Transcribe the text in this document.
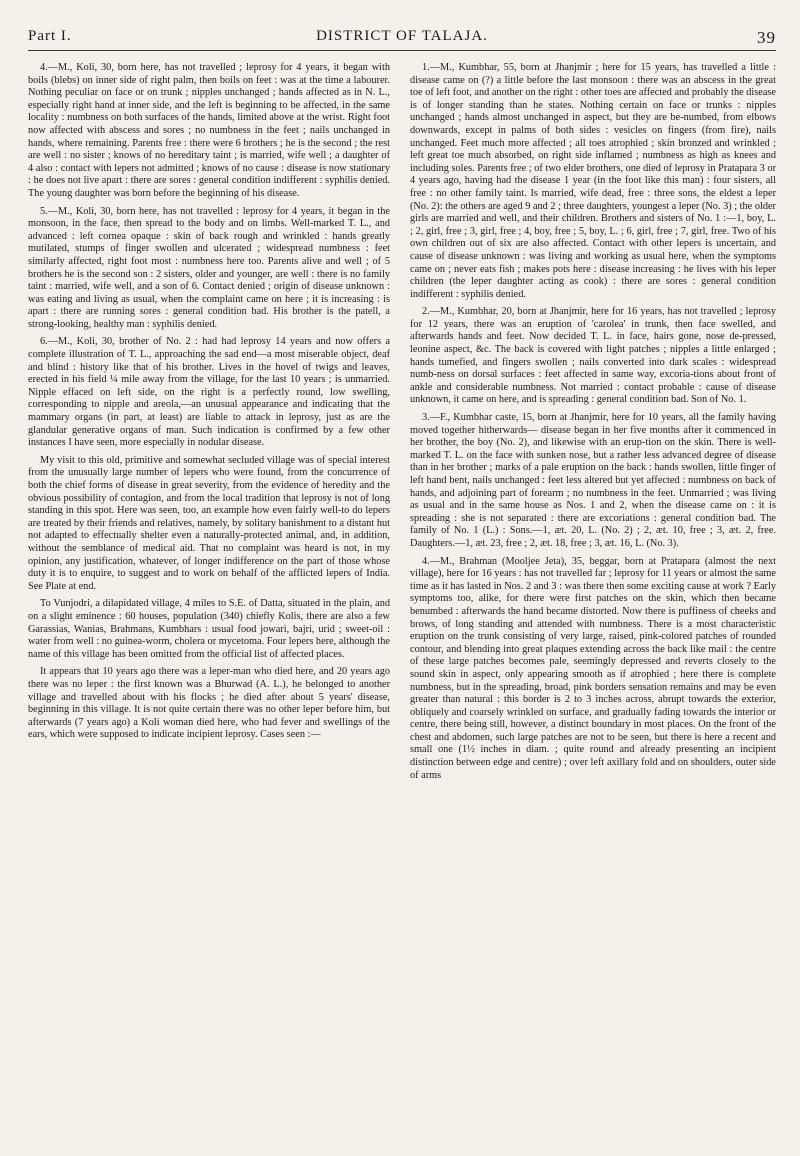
Part I.	DISTRICT OF TALAJA.	39

4.—M., Koli, 30, born here, has not travelled ; leprosy for 4 years, it began with boils (blebs) on inner side of right palm, then boils on feet : was at the time a labourer. Nothing peculiar on face or on trunk ; nipples unchanged ; hands affected as in N. L., especially right hand at inner side, and the left is beginning to be affected, in the same locality : numbness on both surfaces of the hands, limited above at the wrist. Right foot now affected with abscess and sores ; no numbness in the feet ; nails unchanged in hands, where remaining. Parents free : there were 6 brothers ; he is the second ; the rest are well : no sister ; knows of no hereditary taint ; is married, wife well ; a daughter of 4 also : contact with lepers not admitted ; knows of no cause : disease is now stationary : he does not live apart : there are sores : general condition indifferent : syphilis denied. The young daughter was born before the beginning of his disease.

5.—M., Koli, 30, born here, has not travelled : leprosy for 4 years, it began in the monsoon, in the face, then spread to the body and on limbs. Well-marked T. L., and advanced : left cornea opaque : skin of back rough and wrinkled : hands greatly mutilated, stumps of finger swollen and ulcerated ; widespread numbness : feet similarly affected, right foot most : numbness here too. Parents alive and well ; of 5 brothers he is the second son : 2 sisters, older and younger, are well : there is no family taint : married, wife well, and a son of 6. Contact denied ; origin of disease unknown : was eating and living as usual, when the complaint came on here ; it is increasing : is apart : there are running sores : general condition bad. His brother is the patell, a strong-looking, healthy man : syphilis denied.

6.—M., Koli, 30, brother of No. 2 : had had leprosy 14 years and now offers a complete illustration of T. L., approaching the sad end—a most miserable object, deaf and blind : history like that of his brother. Lives in the hovel of twigs and leaves, erected in his field ¼ mile away from the village, for the last 10 years ; is unmarried. Nipple effaced on left side, on the right is a perfectly round, low swelling, corresponding to nipple and areola,—an unusual appearance and indicating that the mammary organs (in part, at least) are liable to attack in leprosy, just as are the glandular generative organs of man. Such indication is confirmed by a few other instances I have seen, more especially in nodular disease.

My visit to this old, primitive and somewhat secluded village was of special interest from the unusually large number of lepers who were found, from the concurrence of both the chief forms of disease in great severity, from the evidence of heredity and the obvious possibility of contagion, and from the local tradition that leprosy is not of long standing in this spot. Here was seen, too, an example how even fairly well-to do lepers are treated by their friends and relatives, namely, by solitary banishment to a distant hut not adapted to effectually shelter even a naturally-protected animal, and, in addition, without the semblance of medical aid. That no complaint was heard is not, in my opinion, any justification, whatever, of longer indifference on the part of those whose duty it is to enquire, to suggest and to work on behalf of the afflicted lepers of India. See Plate at end.

To Vunjodri, a dilapidated village, 4 miles to S.E. of Datta, situated in the plain, and on a slight eminence : 60 houses, population (340) chiefly Kolis, there are also a few Garassias, Wanias, Brahmans, Kumbhars : usual food jowari, bajri, urid ; sweet-oil : water from well : no guinea-worm, cholera or mycetoma. Four lepers here, although the name of this village has been omitted from the official list of affected places.

It appears that 10 years ago there was a leper-man who died here, and 20 years ago there was no leper : the first known was a Bhurwad (A. L.), he belonged to another village and travelled about with his flocks ; he died after about 5 years' disease, beginning in this village. It is not quite certain there was no other leper before him, but afterwards (7 years ago) a Koli woman died here, who had fever and swellings of the ears, which were supposed to indicate incipient leprosy. Cases seen :—

1.—M., Kumbhar, 55, born at Jhanjmir ; here for 15 years, has travelled a little : disease came on (?) a little before the last monsoon : there was an abscess in the great toe of left foot, and another on the right : other toes are affected and probably the disease is of longer standing than he states. Nothing certain on face or trunks : nipples unchanged ; hands almost unchanged in aspect, but they are be-numbed, from elbows downwards, except in palms of both sides : vesicles on fingers (from fire), nails unchanged. Feet much more affected ; all toes atrophied ; skin bronzed and wrinkled ; left great toe much absorbed, on right side inflamed ; numbness as high as knees and including soles. Parents free ; of two elder brothers, one died of leprosy in Pratapara 3 or 4 years ago, having had the disease 1 year (in the foot like this man) : four sisters, all free : no other family taint. Is married, wife dead, free : three sons, the eldest a leper (No. 2): the others are aged 9 and 2 ; three daughters, youngest a leper (No. 3) ; the older girls are married and well, and their children. Brothers and sisters of No. 1 :—1, boy, L. ; 2, girl, free ; 3, girl, free ; 4, boy, free ; 5, boy, L. ; 6, girl, free ; 7, girl, free. Two of his own children out of six are also affected. Contact with other lepers is uncertain, and cause of disease unknown : was living and working as usual here, when the symptoms came on ; never eats fish ; makes pots here : disease increasing : he lives with his leper children (the leper daughter acting as cook) : there are sores : general condition indifferent : syphilis denied.

2.—M., Kumbhar, 20, born at Jhanjmir, here for 16 years, has not travelled ; leprosy for 12 years, there was an eruption of 'carolea' in trunk, then face swelled, and afterwards hands and feet. Now decided T. L. in face, hairs gone, nose de-pressed, leonine aspect, &c. The back is covered with light patches ; nipples a little enlarged ; hands tumefied, and fingers swollen ; nails converted into dark scales : widespread numb-ness on dorsal surfaces : feet affected in same way, excoria-tions about front of ankle and considerable numbness. Not married : contact probable : cause of disease unknown, it came on here, and is spreading : general condition bad. Son of No. 1.

3.—F., Kumbhar caste, 15, born at Jhanjmir, here for 10 years, all the family having moved together hitherwards— disease began in her five months after it commenced in her brother, the boy (No. 2), and likewise with an erup-tion on the skin. There is well-marked T. L. on the face with sunken nose, but a rather less advanced degree of disease than in her brother ; marks of a pale eruption on the back : hands swollen, little finger of left hand bent, nails unchanged : feet less altered but yet affected : numbness on back of hands, and adjoining part of forearm ; no numbness in the feet. Unmarried ; was living as usual and in the same house as Nos. 1 and 2, when the disease came on : it is spreading : she is not separated : there are excoriations : general condition bad. The family of No. 1 (L.) : Sons.—1, æt. 20, L. (No. 2) ; 2, æt. 10, free ; 3, æt. 2, free. Daughters.—1, æt. 23, free ; 2, æt. 18, free ; 3, æt. 16, L. (No. 3).

4.—M., Brahman (Mooljee Jeta), 35, beggar, born at Pratapara (almost the next village), here for 16 years : has not travelled far ; leprosy for 11 years or almost the same time as it has lasted in Nos. 2 and 3 : was there then some exciting cause at work ? Early symptoms too, alike, for there were first patches on the skin, which then became benumbed : afterwards the hand became distorted. Now there is puffiness of cheeks and brows, of long standing and attended with numbness. There is a most characteristic eruption on the trunk consisting of very large, raised, pink-colored patches of rounded contour, and blending into great plaques extending across the back like mail : the centre of these large patches becomes pale, seemingly depressed and reverts closely to the sound skin in aspect, only appearing smooth as if atrophied ; here there is complete numbness, but in the spreading, broad, pink borders sensation remains and may be even greater than natural : this border is 2 to 3 inches across, abrupt towards the exterior, obliquely and coarsely wrinkled on surface, and gradually fading towards the interior or centre, there being still, however, a distinct boundary in most places. On the front of the chest and abdomen, such large patches are not to be seen, but there is here a recent and small one (1½ inches in diam. ; quite round and already presenting an incipient distinction between edge and centre) ; over left axillary fold and on shoulders, outer side of arms
